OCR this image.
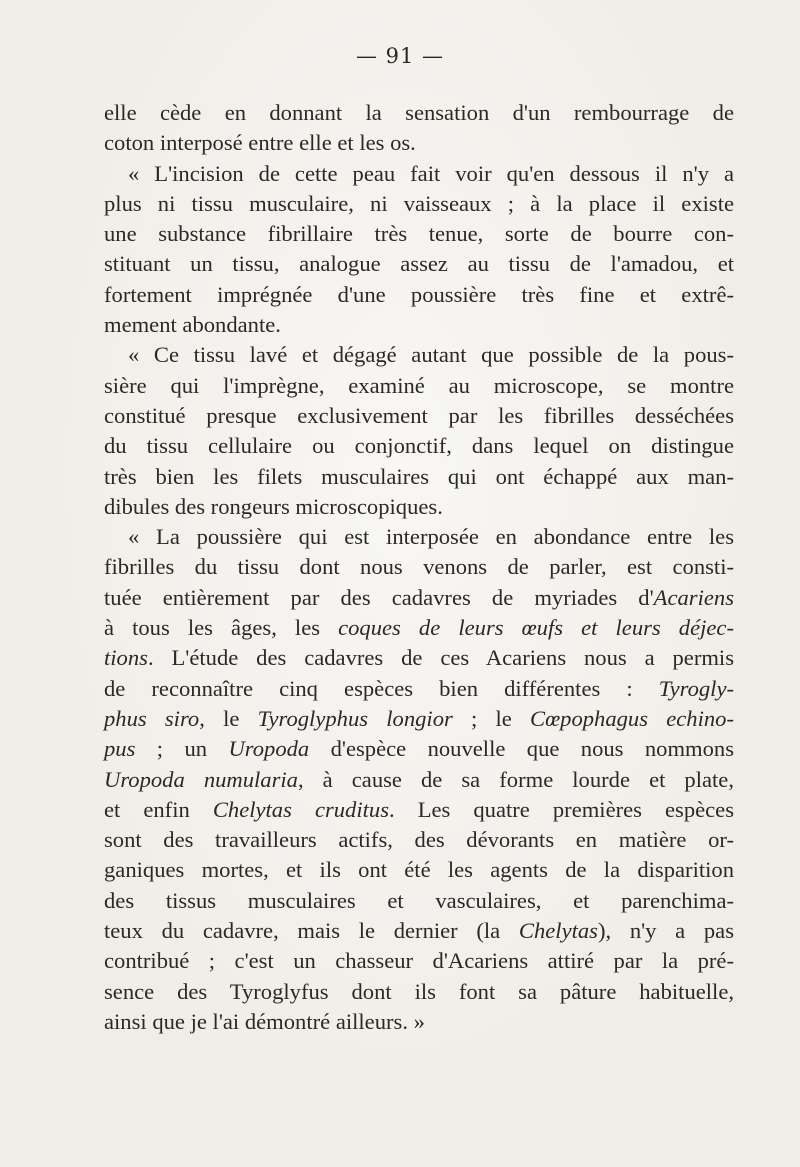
— 91 —
elle cède en donnant la sensation d'un rembourrage de
coton interposé entre elle et les os.
« L'incision de cette peau fait voir qu'en dessous il n'y a
plus ni tissu musculaire, ni vaisseaux ; à la place il existe
une substance fibrillaire très tenue, sorte de bourre con-
stituant un tissu, analogue assez au tissu de l'amadou, et
fortement imprégnée d'une poussière très fine et extrê-
mement abondante.
« Ce tissu lavé et dégagé autant que possible de la pous-
sière qui l'imprègne, examiné au microscope, se montre
constitué presque exclusivement par les fibrilles desséchées
du tissu cellulaire ou conjonctif, dans lequel on distingue
très bien les filets musculaires qui ont échappé aux man-
dibules des rongeurs microscopiques.
« La poussière qui est interposée en abondance entre les
fibrilles du tissu dont nous venons de parler, est consti-
tuée entièrement par des cadavres de myriades d'Acariens
à tous les âges, les coques de leurs œufs et leurs déjec-
tions. L'étude des cadavres de ces Acariens nous a permis
de reconnaître cinq espèces bien différentes : Tyrogly-
phus siro, le Tyroglyphus longior ; le Cœpophagus echino-
pus ; un Uropoda d'espèce nouvelle que nous nommons
Uropoda numularia, à cause de sa forme lourde et plate,
et enfin Chelytas cruditus. Les quatre premières espèces
sont des travailleurs actifs, des dévorants en matière or-
ganiques mortes, et ils ont été les agents de la disparition
des tissus musculaires et vasculaires, et parenchima-
teux du cadavre, mais le dernier (la Chelytas), n'y a pas
contribué ; c'est un chasseur d'Acariens attiré par la pré-
sence des Tyroglyfus dont ils font sa pâture habituelle,
ainsi que je l'ai démontré ailleurs. »
